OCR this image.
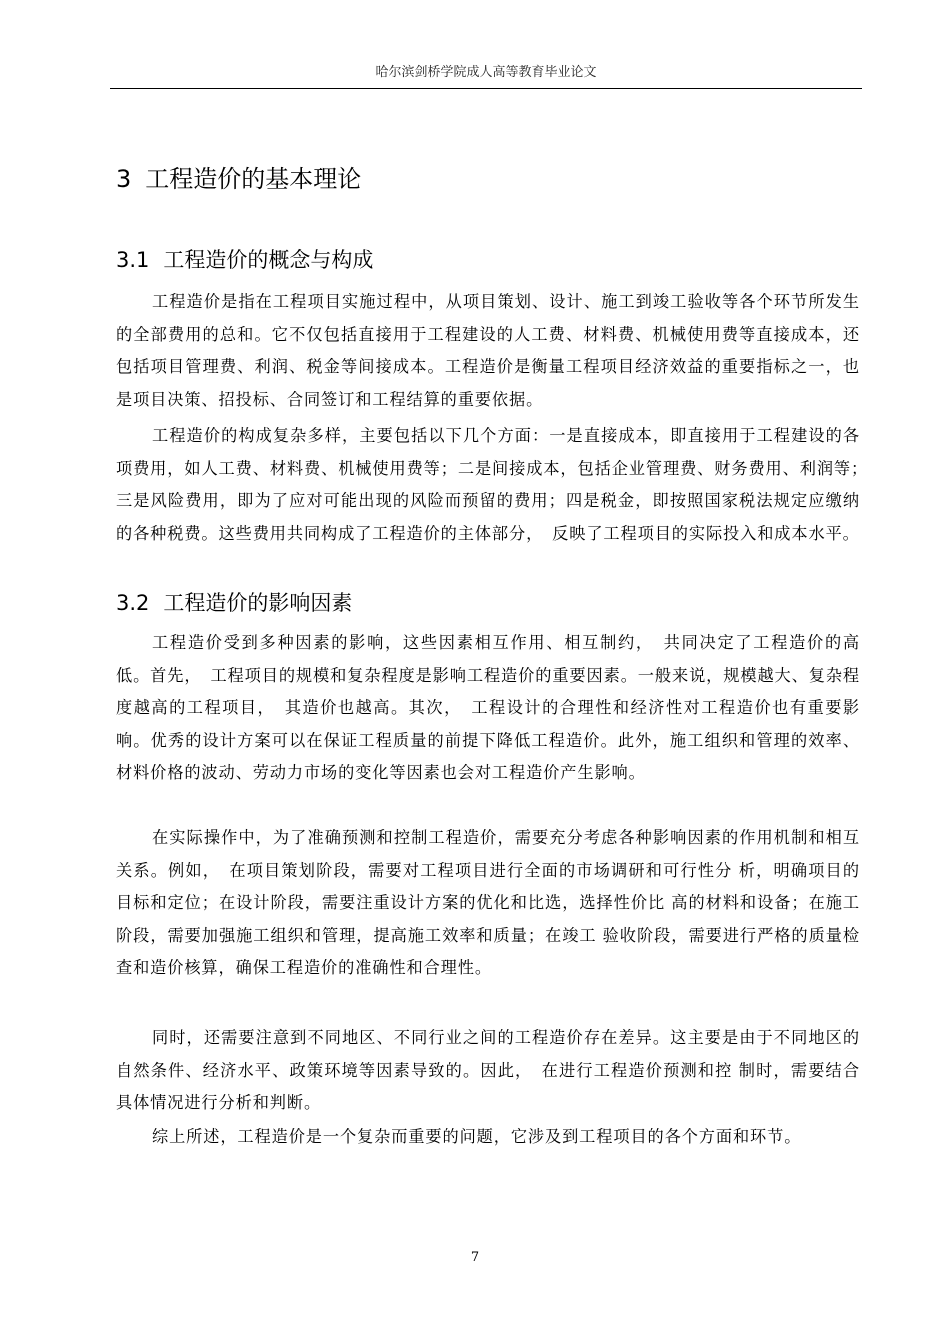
哈尔滨剑桥学院成人高等教育毕业论文
3 工程造价的基本理论
3.1 工程造价的概念与构成

工程造价是指在工程项目实施过程中，从项目策划、设计、施工到竣工验收等各个环节所发生的全部费用的总和。它不仅包括直接用于工程建设的人工费、材料费、机械使用费等直接成本，还包括项目管理费、利润、税金等间接成本。工程造价是衡量工程项目经济效益的重要指标之一，也是项目决策、招投标、合同签订和工程结算的重要依据。

工程造价的构成复杂多样，主要包括以下几个方面：一是直接成本，即直接用于工程建设的各项费用，如人工费、材料费、机械使用费等；二是间接成本，包括企业管理费、财务费用、利润等；　三是风险费用，即为了应对可能出现的风险而预留的费用；四是税金，即按照国家税法规定应缴纳的各种税费。这些费用共同构成了工程造价的主体部分，　反映了工程项目的实际投入和成本水平。

3.2 工程造价的影响因素

工程造价受到多种因素的影响，这些因素相互作用、相互制约，　共同决定了工程造价的高低。首先，　工程项目的规模和复杂程度是影响工程造价的重要因素。一般来说，规模越大、复杂程度越高的工程项目，　其造价也越高。其次，　工程设计的合理性和经济性对工程造价也有重要影响。优秀的设计方案可以在保证工程质量的前提下降低工程造价。此外，施工组织和管理的效率、材料价格的波动、劳动力市场的变化等因素也会对工程造价产生影响。

在实际操作中，为了准确预测和控制工程造价，需要充分考虑各种影响因素的作用机制和相互关系。例如，　在项目策划阶段，需要对工程项目进行全面的市场调研和可行性分 析，明确项目的目标和定位；在设计阶段，需要注重设计方案的优化和比选，选择性价比 高的材料和设备；在施工阶段，需要加强施工组织和管理，提高施工效率和质量；在竣工 验收阶段，需要进行严格的质量检查和造价核算，确保工程造价的准确性和合理性。

同时，还需要注意到不同地区、不同行业之间的工程造价存在差异。这主要是由于不同地区的自然条件、经济水平、政策环境等因素导致的。因此，　在进行工程造价预测和控 制时，需要结合具体情况进行分析和判断。

综上所述，工程造价是一个复杂而重要的问题，它涉及到工程项目的各个方面和环节。

7
